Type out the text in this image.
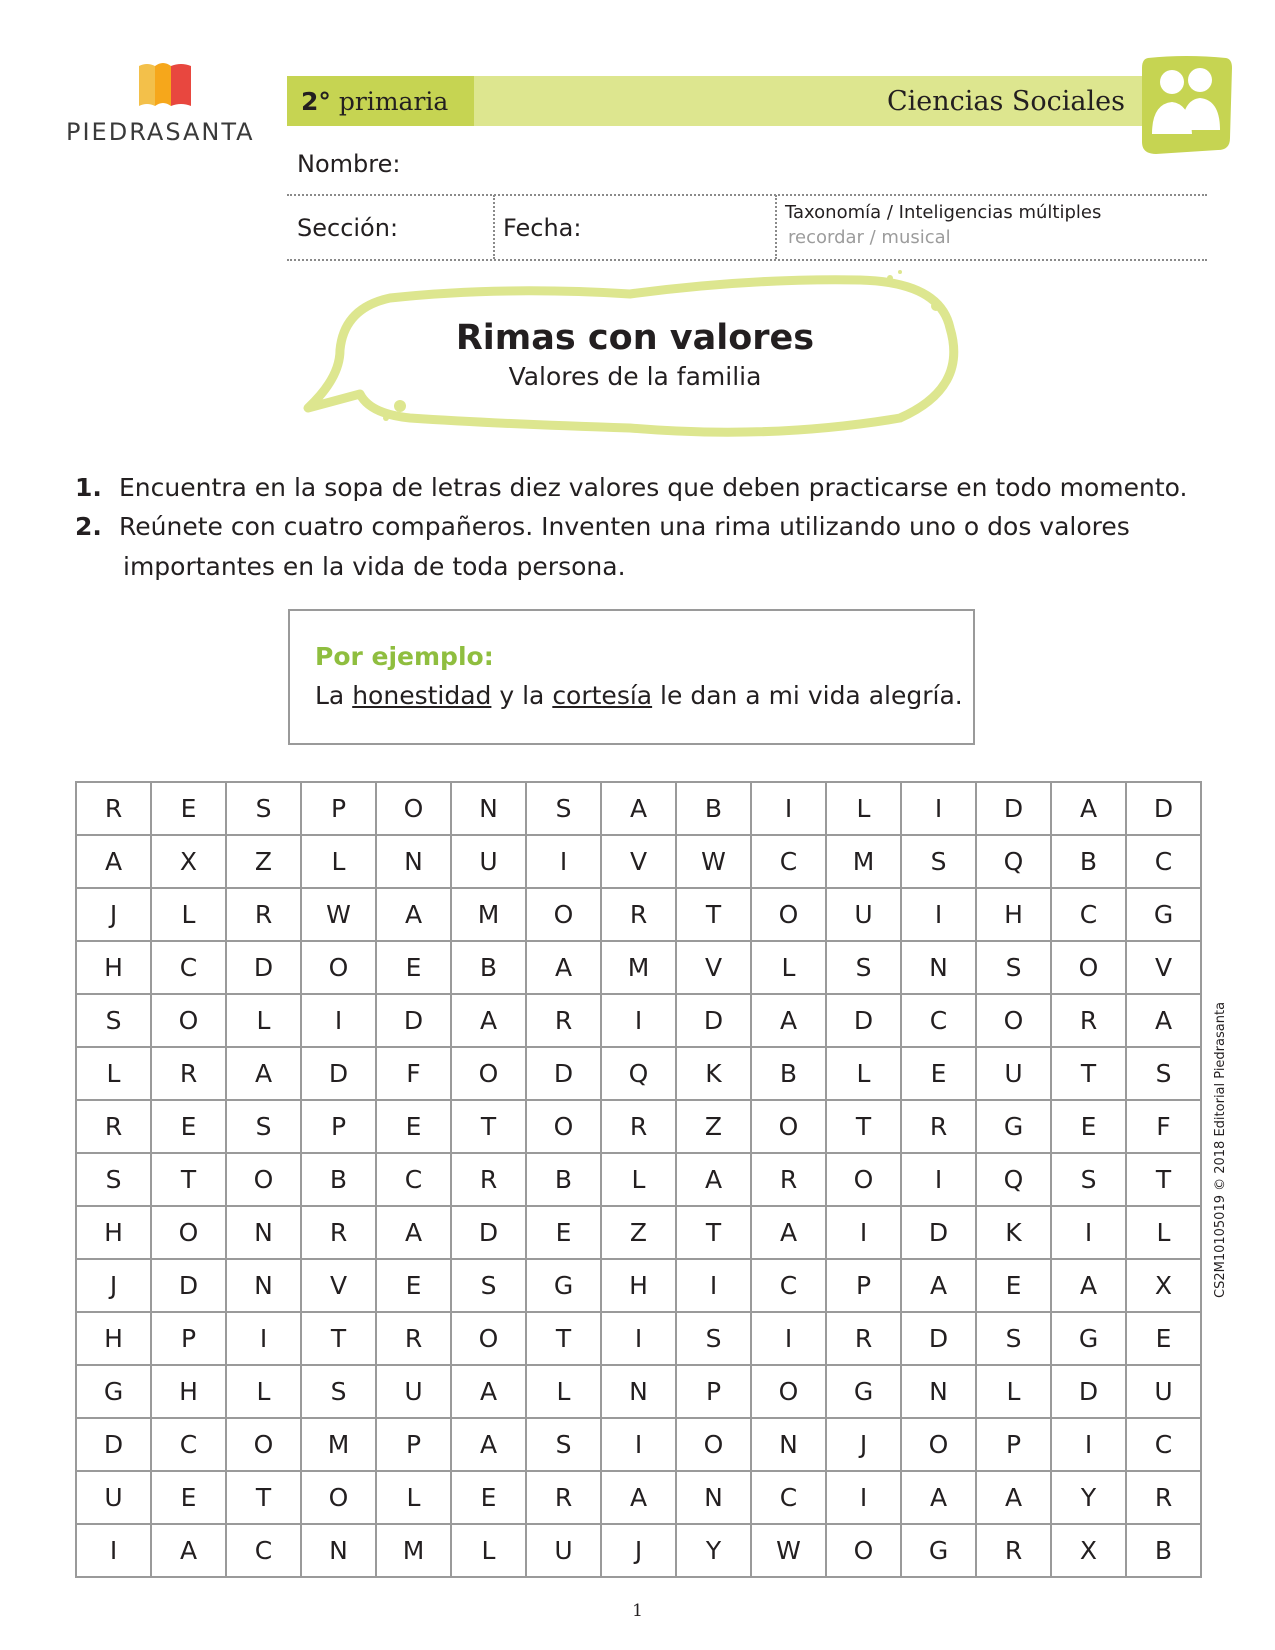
PIEDRASANTA
2° primaria	Ciencias Sociales
Nombre:
Sección:	Fecha:
Taxonomía / Inteligencias múltiples
recordar / musical
Rimas con valores
Valores de la familia
1. Encuentra en la sopa de letras diez valores que deben practicarse en todo momento.
2. Reúnete con cuatro compañeros. Inventen una rima utilizando uno o dos valores
importantes en la vida de toda persona.
Por ejemplo:
La honestidad y la cortesía le dan a mi vida alegría.
R	E	S	P	O	N	S	A	B	I	L	I	D	A	D
A	X	Z	L	N	U	I	V	W	C	M	S	Q	B	C
J	L	R	W	A	M	O	R	T	O	U	I	H	C	G
H	C	D	O	E	B	A	M	V	L	S	N	S	O	V
S	O	L	I	D	A	R	I	D	A	D	C	O	R	A
L	R	A	D	F	O	D	Q	K	B	L	E	U	T	S
R	E	S	P	E	T	O	R	Z	O	T	R	G	E	F
S	T	O	B	C	R	B	L	A	R	O	I	Q	S	T
H	O	N	R	A	D	E	Z	T	A	I	D	K	I	L
J	D	N	V	E	S	G	H	I	C	P	A	E	A	X
H	P	I	T	R	O	T	I	S	I	R	D	S	G	E
G	H	L	S	U	A	L	N	P	O	G	N	L	D	U
D	C	O	M	P	A	S	I	O	N	J	O	P	I	C
U	E	T	O	L	E	R	A	N	C	I	A	A	Y	R
I	A	C	N	M	L	U	J	Y	W	O	G	R	X	B
CS2M10105019 © 2018 Editorial Piedrasanta
1
